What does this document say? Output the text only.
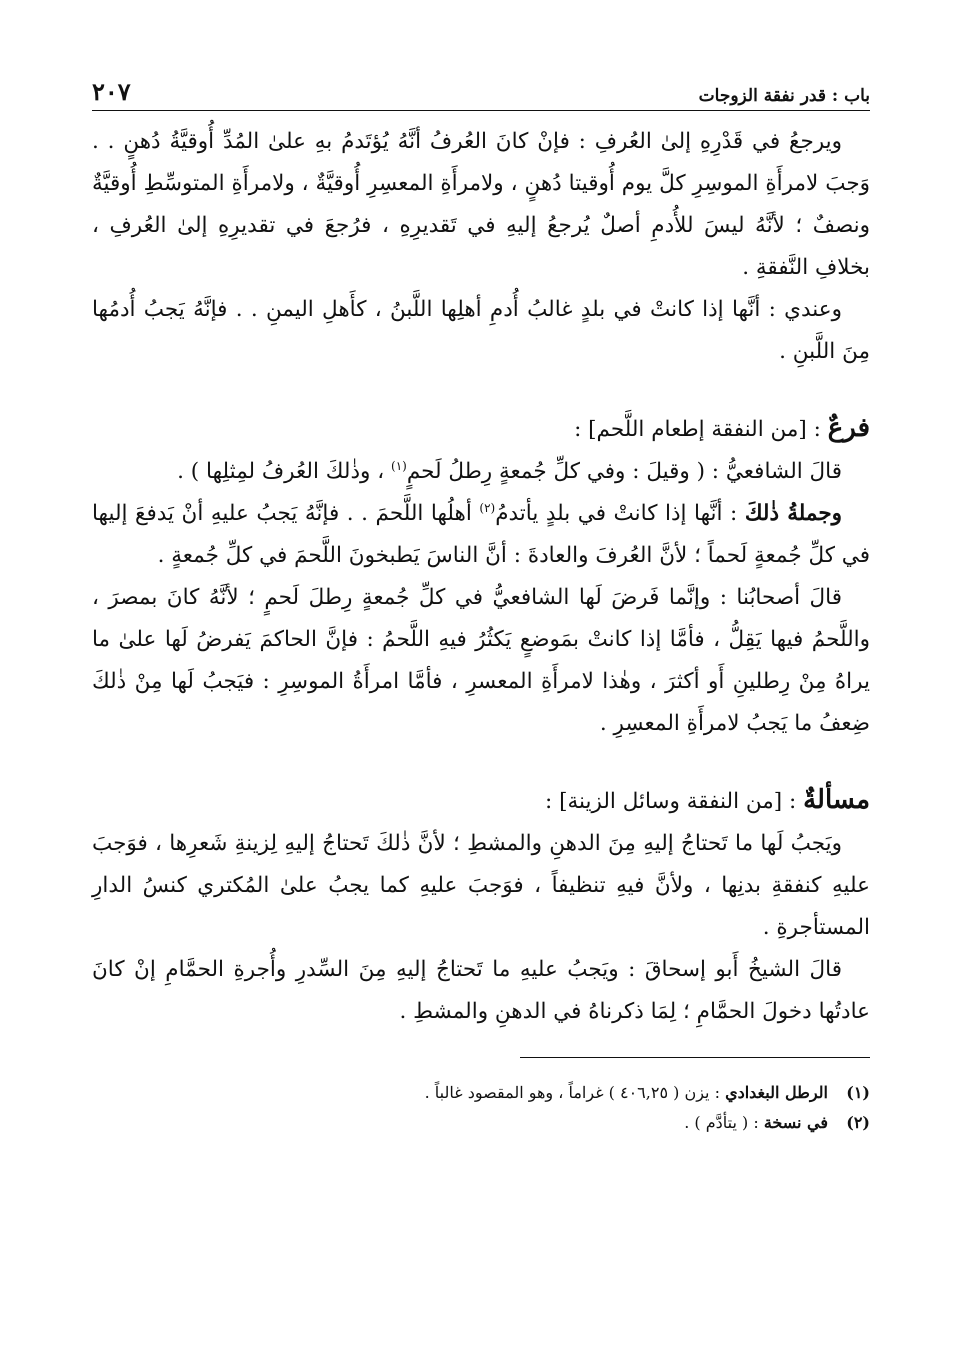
باب : قدر نفقة الزوجات
٢٠٧

ويرجعُ في قَدْرِهِ إلىٰ العُرفِ : فإنْ كانَ العُرفُ أنَّهُ يُؤتَدمُ بهِ علىٰ المُدِّ أُوقيَّةُ دُهنٍ . . وَجبَ لامرأَةِ الموسِرِ كلَّ يوم أُوقيتا دُهنٍ ، ولامرأَةِ المعسِرِ أُوقيَّةٌ ، ولامرأَةِ المتوسِّطِ أُوقيَّةٌ ونصفٌ ؛ لأنَّهُ ليسَ للأُدمِ أصلٌ يُرجعُ إليهِ في تَقديرِهِ ، فرُجعَ في تقديرِهِ إلىٰ العُرفِ ، بخلافِ النَّفقةِ .

وعندي : أنَّها إذا كانتْ في بلدٍ غالبُ أُدمِ أهلِها اللَّبنُ ، كأَهلِ اليمنِ . . فإنَّهُ يَجبُ أُدمُها مِنَ اللَّبنِ .

فرعٌ : [من النفقة إطعام اللَّحم] :

قالَ الشافعيُّ : ( وقيلَ : وفي كلِّ جُمعةٍ رِطلُ لَحمٍ$^{(١)}$ ، وذٰلكَ العُرفُ لمِثلِها ) .

وجملةُ ذٰلكَ : أنَّها إذا كانتْ في بلدٍ يأتدمُ$^{(٢)}$ أهلُها اللَّحمَ . . فإنَّهُ يَجبُ عليهِ أنْ يَدفعَ إليها في كلِّ جُمعةٍ لَحماً ؛ لأنَّ العُرفَ والعادةَ : أنَّ الناسَ يَطبخونَ اللَّحمَ في كلِّ جُمعةٍ .

قالَ أصحابُنا : وإنَّما فَرضَ لَها الشافعيُّ في كلِّ جُمعةٍ رِطلَ لَحمٍ ؛ لأنَّهُ كانَ بمصرَ ، واللَّحمُ فيها يَقِلُّ ، فأمَّا إذا كانتْ بمَوضعٍ يَكثُرُ فيهِ اللَّحمُ : فإنَّ الحاكمَ يَفرضُ لَها علىٰ ما يراهُ مِنْ رِطلينِ أَو أكثرَ ، وهٰذا لامرأَةِ المعسرِ ، فأمَّا امرأَةُ الموسِرِ : فيَجبُ لَها مِنْ ذٰلكَ ضِعفُ ما يَجبُ لامرأَةِ المعسِرِ .

مسألةٌ : [من النفقة وسائل الزينة] :

ويَجبُ لَها ما تَحتاجُ إليهِ مِنَ الدهنِ والمشطِ ؛ لأنَّ ذٰلكَ تَحتاجُ إليهِ لِزينةِ شَعرِها ، فوَجبَ عليهِ كنفقةِ بدنِها ، ولأنَّ فيهِ تنظيفاً ، فوَجبَ عليهِ كما يجبُ علىٰ المُكتري كنسُ الدارِ المستأجرةِ .

قالَ الشيخُ أَبو إسحاقَ : ويَجبُ عليهِ ما تَحتاجُ إليهِ مِنَ السِّدرِ وأُجرةِ الحمَّامِ إنْ كانَ عادتُها دخولَ الحمَّامِ ؛ لِمَا ذكرناهُ في الدهنِ والمشطِ .

(١)
الرطل البغدادي : يزن ( ٤٠٦,٢٥ ) غراماً ، وهو المقصود غالباً .

(٢)
في نسخة : ( يتأدَّم ) .
